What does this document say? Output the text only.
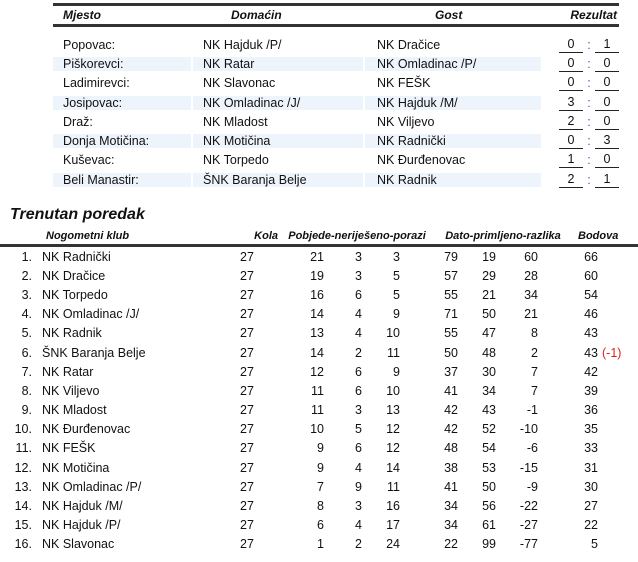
Mjesto	Domaćin	Gost	Rezultat
Popovac:	NK Hajduk /P/	NK Dračice	0	:	1
Piškorevci:	NK Ratar	NK Omladinac /P/	0	:	0
Ladimirevci:	NK Slavonac	NK FEŠK	0	:	0
Josipovac:	NK Omladinac /J/	NK Hajduk /M/	3	:	0
Draž:	NK Mladost	NK Viljevo	2	:	0
Donja Motičina:	NK Motičina	NK Radnički	0	:	3
Kuševac:	NK Torpedo	NK Đurđenovac	1	:	0
Beli Manastir:	ŠNK Baranja Belje	NK Radnik	2	:	1
Trenutan poredak
Nogometni klub	Kola Pobjede-neriješeno-porazi	Dato-primljeno-razlika	Bodova
1. NK Radnički	27	21	3	3	79	19	60	66
2. NK Dračice	27	19	3	5	57	29	28	60
3. NK Torpedo	27	16	6	5	55	21	34	54
4. NK Omladinac /J/	27	14	4	9	71	50	21	46
5. NK Radnik	27	13	4	10	55	47	8	43
6. ŠNK Baranja Belje	27	14	2	11	50	48	2	43 (-1)
7. NK Ratar	27	12	6	9	37	30	7	42
8. NK Viljevo	27	11	6	10	41	34	7	39
9. NK Mladost	27	11	3	13	42	43	-1	36
10. NK Đurđenovac	27	10	5	12	42	52	-10	35
11. NK FEŠK	27	9	6	12	48	54	-6	33
12. NK Motičina	27	9	4	14	38	53	-15	31
13. NK Omladinac /P/	27	7	9	11	41	50	-9	30
14. NK Hajduk /M/	27	8	3	16	34	56	-22	27
15. NK Hajduk /P/	27	6	4	17	34	61	-27	22
16. NK Slavonac	27	1	2	24	22	99	-77	5
